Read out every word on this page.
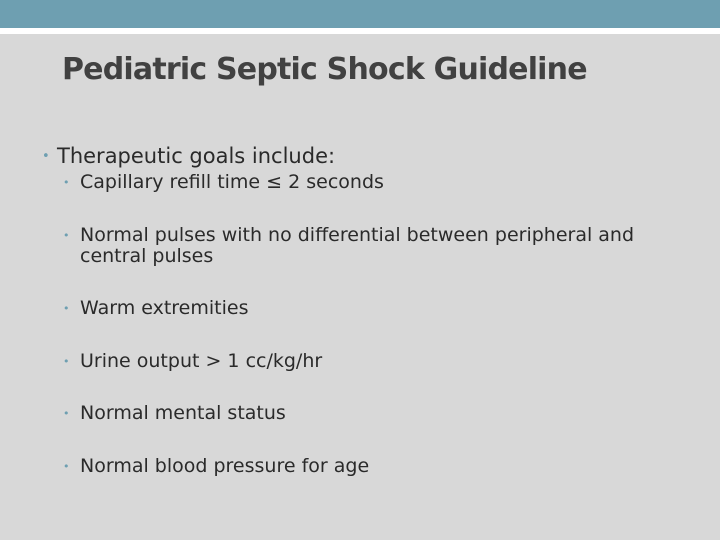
Pediatric Septic Shock Guideline
• Therapeutic goals include:
• Capillary refill time ≤ 2 seconds
• Normal pulses with no differential between peripheral and central pulses
• Warm extremities
• Urine output > 1 cc/kg/hr
• Normal mental status
• Normal blood pressure for age
